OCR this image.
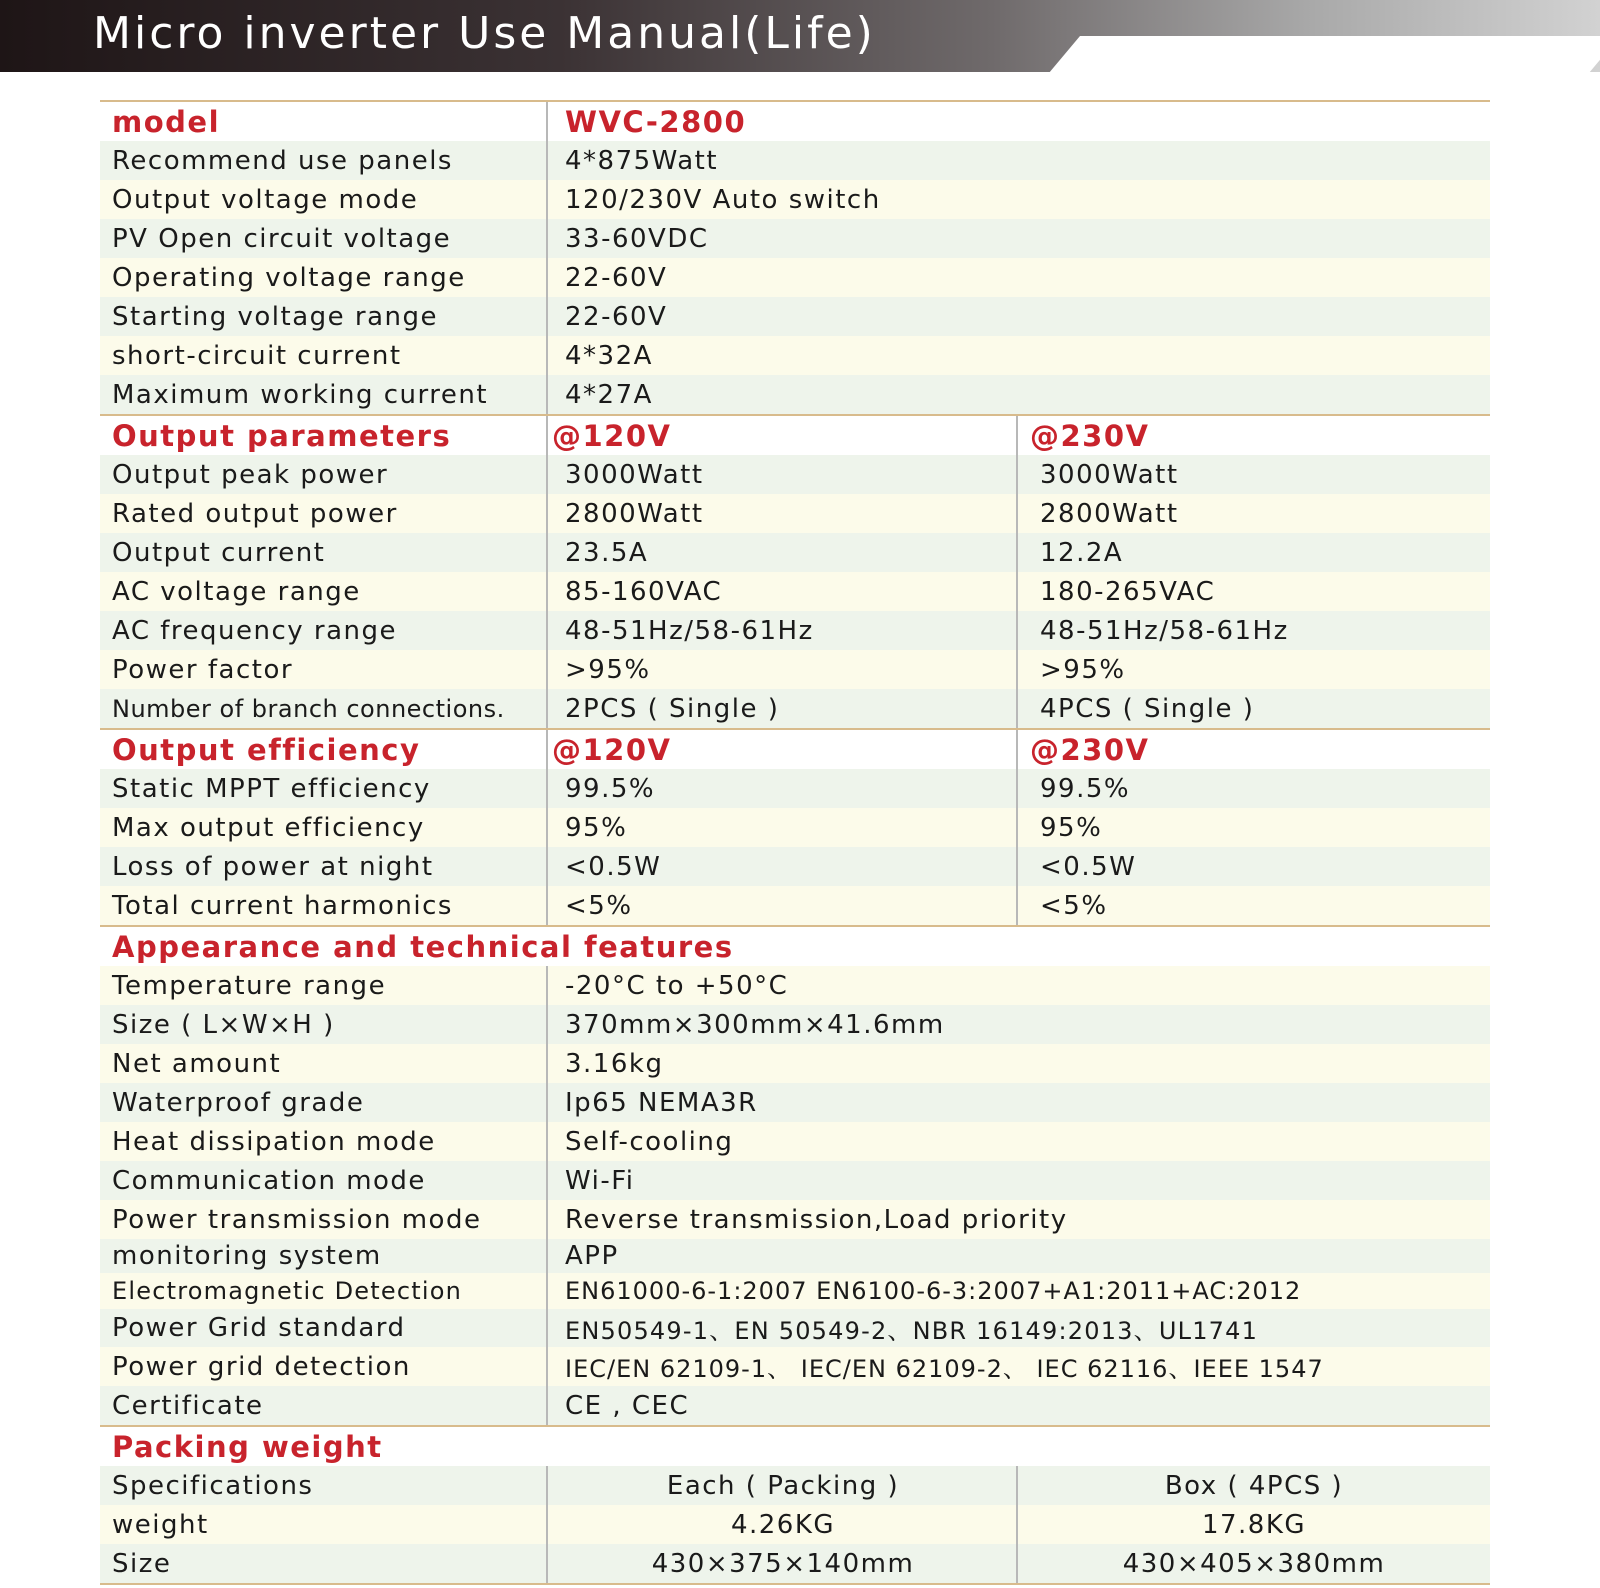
Micro inverter Use Manual(Life)
model	WVC-2800
Recommend use panels	4*875Watt
Output voltage mode	120/230V Auto switch
PV Open circuit voltage	33-60VDC
Operating voltage range	22-60V
Starting voltage range	22-60V
short-circuit current	4*32A
Maximum working current	4*27A
Output parameters	@120V	@230V
Output peak power	3000Watt	3000Watt
Rated output power	2800Watt	2800Watt
Output current	23.5A	12.2A
AC voltage range	85-160VAC	180-265VAC
AC frequency range	48-51Hz/58-61Hz	48-51Hz/58-61Hz
Power factor	>95%	>95%
Number of branch connections. 2PCS ( Single )	4PCS ( Single )
Output efficiency	@120V	@230V
Static MPPT efficiency	99.5%	99.5%
Max output efficiency	95%	95%
Loss of power at night	<0.5W	<0.5W
Total current harmonics	<5%	<5%
Appearance and technical features
Temperature range	-20°C to +50°C
Size ( L×W×H )	370mm×300mm×41.6mm
Net amount	3.16kg
Waterproof grade	Ip65 NEMA3R
Heat dissipation mode	Self-cooling
Communication mode	Wi-Fi
Power transmission mode	Reverse transmission,Load priority
monitoring system	APP
Electromagnetic Detection	EN61000-6-1:2007 EN6100-6-3:2007+A1:2011+AC:2012
Power Grid standard	EN50549-1、EN 50549-2、NBR 16149:2013、UL1741
Power grid detection	IEC/EN 62109-1、 IEC/EN 62109-2、 IEC 62116、IEEE 1547
Certificate	CE , CEC
Packing weight
Specifications	Each ( Packing )	Box ( 4PCS )
weight	4.26KG	17.8KG
Size	430×375×140mm	430×405×380mm
